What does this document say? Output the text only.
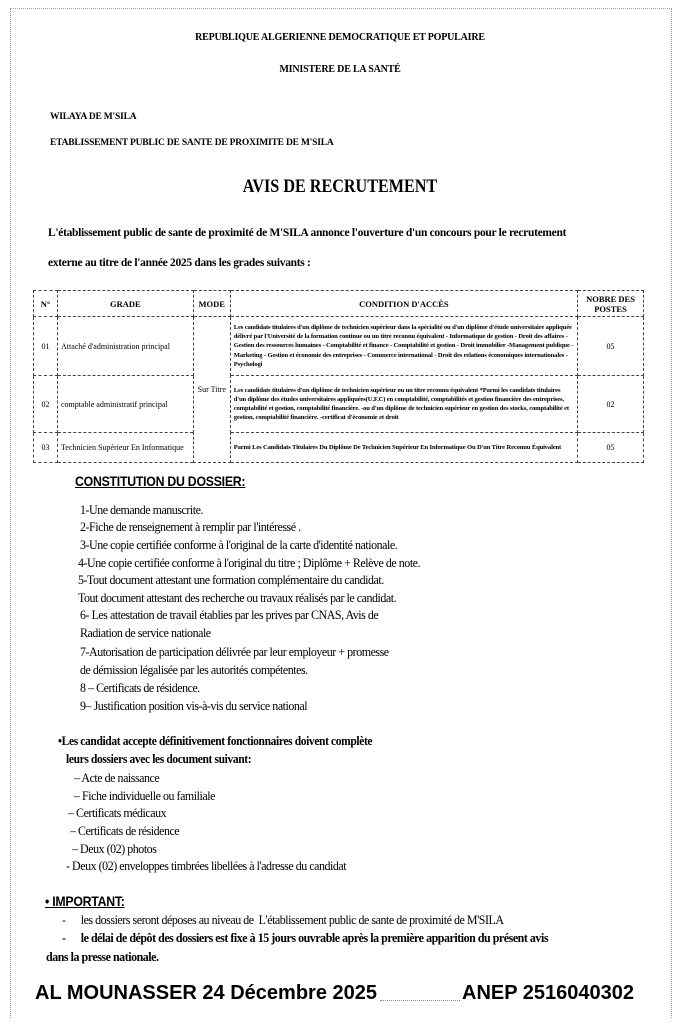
REPUBLIQUE ALGERIENNE DEMOCRATIQUE ET POPULAIRE
MINISTERE DE LA SANTÉ
WILAYA DE M'SILA
ETABLISSEMENT PUBLIC DE SANTE DE PROXIMITE DE M'SILA
AVIS DE RECRUTEMENT
L'établissement public de sante de proximité de M'SILA annonce l'ouverture d'un concours pour le recrutement
externe au titre de l'année 2025 dans les grades suivants :
N°	GRADE	MODE	CONDITION D'ACCÈS	NOBRE DES POSTES
01	Attaché d'administration principal	Sur Titre	Les candidats titulaires d'un diplôme de technicien supérieur dans la spécialité ou d'un diplôme d'étude universitaire appliquée délivré par l'Université de la formation continue ou un titre reconnu équivalent - Informatique de gestion - Droit des affaires - Gestion des ressources humaines - Comptabilité et finance - Comptabilité et gestion - Droit immobilier -Management publique - Marketing - Gestion et économie des entreprises - Commerce international - Droit des relations économiques internationales - Psychologi	05
02	comptable administratif principal		Les candidats titulaires d'un diplôme de technicien supérieur ou un titre reconnu équivalent *Parmi les candidats titulaires d'un diplôme des études universitaires appliquées(U.F.C) en comptabilité, comptabilités et gestion financière des entreprises, comptabilité et gestion, comptabilité financière. -ou d'un diplôme de technicien supérieur en gestion des stocks, comptabilité et gestion, comptabilité financière. -certificat d'économie et droit	02
03	Technicien Supérieur En Informatique		Parmi Les Candidats Titulaires Du Diplôme De Technicien Supérieur En Informatique Ou D'un Titre Reconnu Équivalent	05
CONSTITUTION DU DOSSIER:
1-Une demande manuscrite.
2-Fiche de renseignement à remplir par l'intéressé .
3-Une copie certifiée conforme à l'original de la carte d'identité nationale.
4-Une copie certifiée conforme à l'original du titre ; Diplôme + Relève de note.
5-Tout document attestant une formation complémentaire du candidat.
Tout document attestant des recherche ou travaux réalisés par le candidat.
6- Les attestation de travail établies par les prives par CNAS, Avis de
Radiation de service nationale
7-Autorisation de participation délivrée par leur employeur + promesse
de démission légalisée par les autorités compétentes.
8 – Certificats de résidence.
9– Justification position vis-à-vis du service national
•Les candidat accepte définitivement fonctionnaires doivent complète
leurs dossiers avec les document suivant:
– Acte de naissance
– Fiche individuelle ou familiale
– Certificats médicaux
– Certificats de résidence
– Deux (02) photos
- Deux (02) enveloppes timbrées libellées à l'adresse du candidat
• IMPORTANT:
-      les dossiers seront déposes au niveau de  L'établissement public de sante de proximité de M'SILA
-      le délai de dépôt des dossiers est fixe à 15 jours ouvrable après la première apparition du présent avis
dans la presse nationale.
AL MOUNASSER 24 Décembre 2025	ANEP 2516040302
